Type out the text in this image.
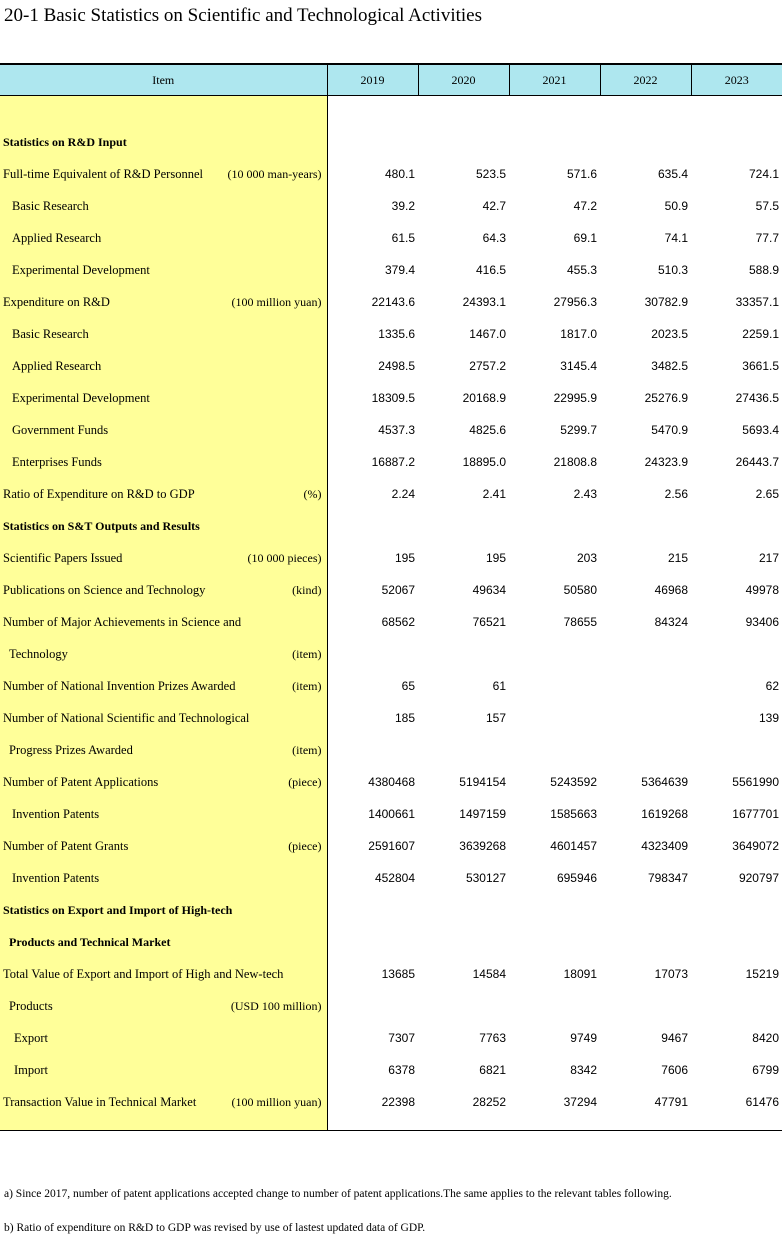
20-1 Basic Statistics on Scientific and Technological Activities
Item	2019	2020	2021	2022	2023

Statistics on R&D Input					

Full-time Equivalent of R&D Personnel (10 000 man-years)	480.1	523.5	571.6	635.4	724.1

Basic Research	39.2	42.7	47.2	50.9	57.5

Applied Research	61.5	64.3	69.1	74.1	77.7

Experimental Development	379.4	416.5	455.3	510.3	588.9

Expenditure on R&D (100 million yuan)	22143.6	24393.1	27956.3	30782.9	33357.1

Basic Research	1335.6	1467.0	1817.0	2023.5	2259.1

Applied Research	2498.5	2757.2	3145.4	3482.5	3661.5

Experimental Development	18309.5	20168.9	22995.9	25276.9	27436.5

Government Funds	4537.3	4825.6	5299.7	5470.9	5693.4

Enterprises Funds	16887.2	18895.0	21808.8	24323.9	26443.7

Ratio of Expenditure on R&D to GDP (%)	2.24	2.41	2.43	2.56	2.65

Statistics on S&T Outputs and Results					

Scientific Papers Issued (10 000 pieces)	195	195	203	215	217

Publications on Science and Technology (kind)	52067	49634	50580	46968	49978

Number of Major Achievements in Science and	68562	76521	78655	84324	93406

Technology (item)					

Number of National Invention Prizes Awarded (item)	65	61			62

Number of National Scientific and Technological	185	157			139

Progress Prizes Awarded (item)					

Number of Patent Applications (piece)	4380468	5194154	5243592	5364639	5561990

Invention Patents	1400661	1497159	1585663	1619268	1677701

Number of Patent Grants (piece)	2591607	3639268	4601457	4323409	3649072

Invention Patents	452804	530127	695946	798347	920797

Statistics on Export and Import of High-tech					

Products and Technical Market					

Total Value of Export and Import of High and New-tech	13685	14584	18091	17073	15219

Products (USD 100 million)					

Export	7307	7763	9749	9467	8420

Import	6378	6821	8342	7606	6799

Transaction Value in Technical Market (100 million yuan)	22398	28252	37294	47791	61476

a) Since 2017, number of patent applications accepted change to number of patent applications.The same applies to the relevant tables following.
b) Ratio of expenditure on R&D to GDP was revised by use of lastest updated data of GDP.
